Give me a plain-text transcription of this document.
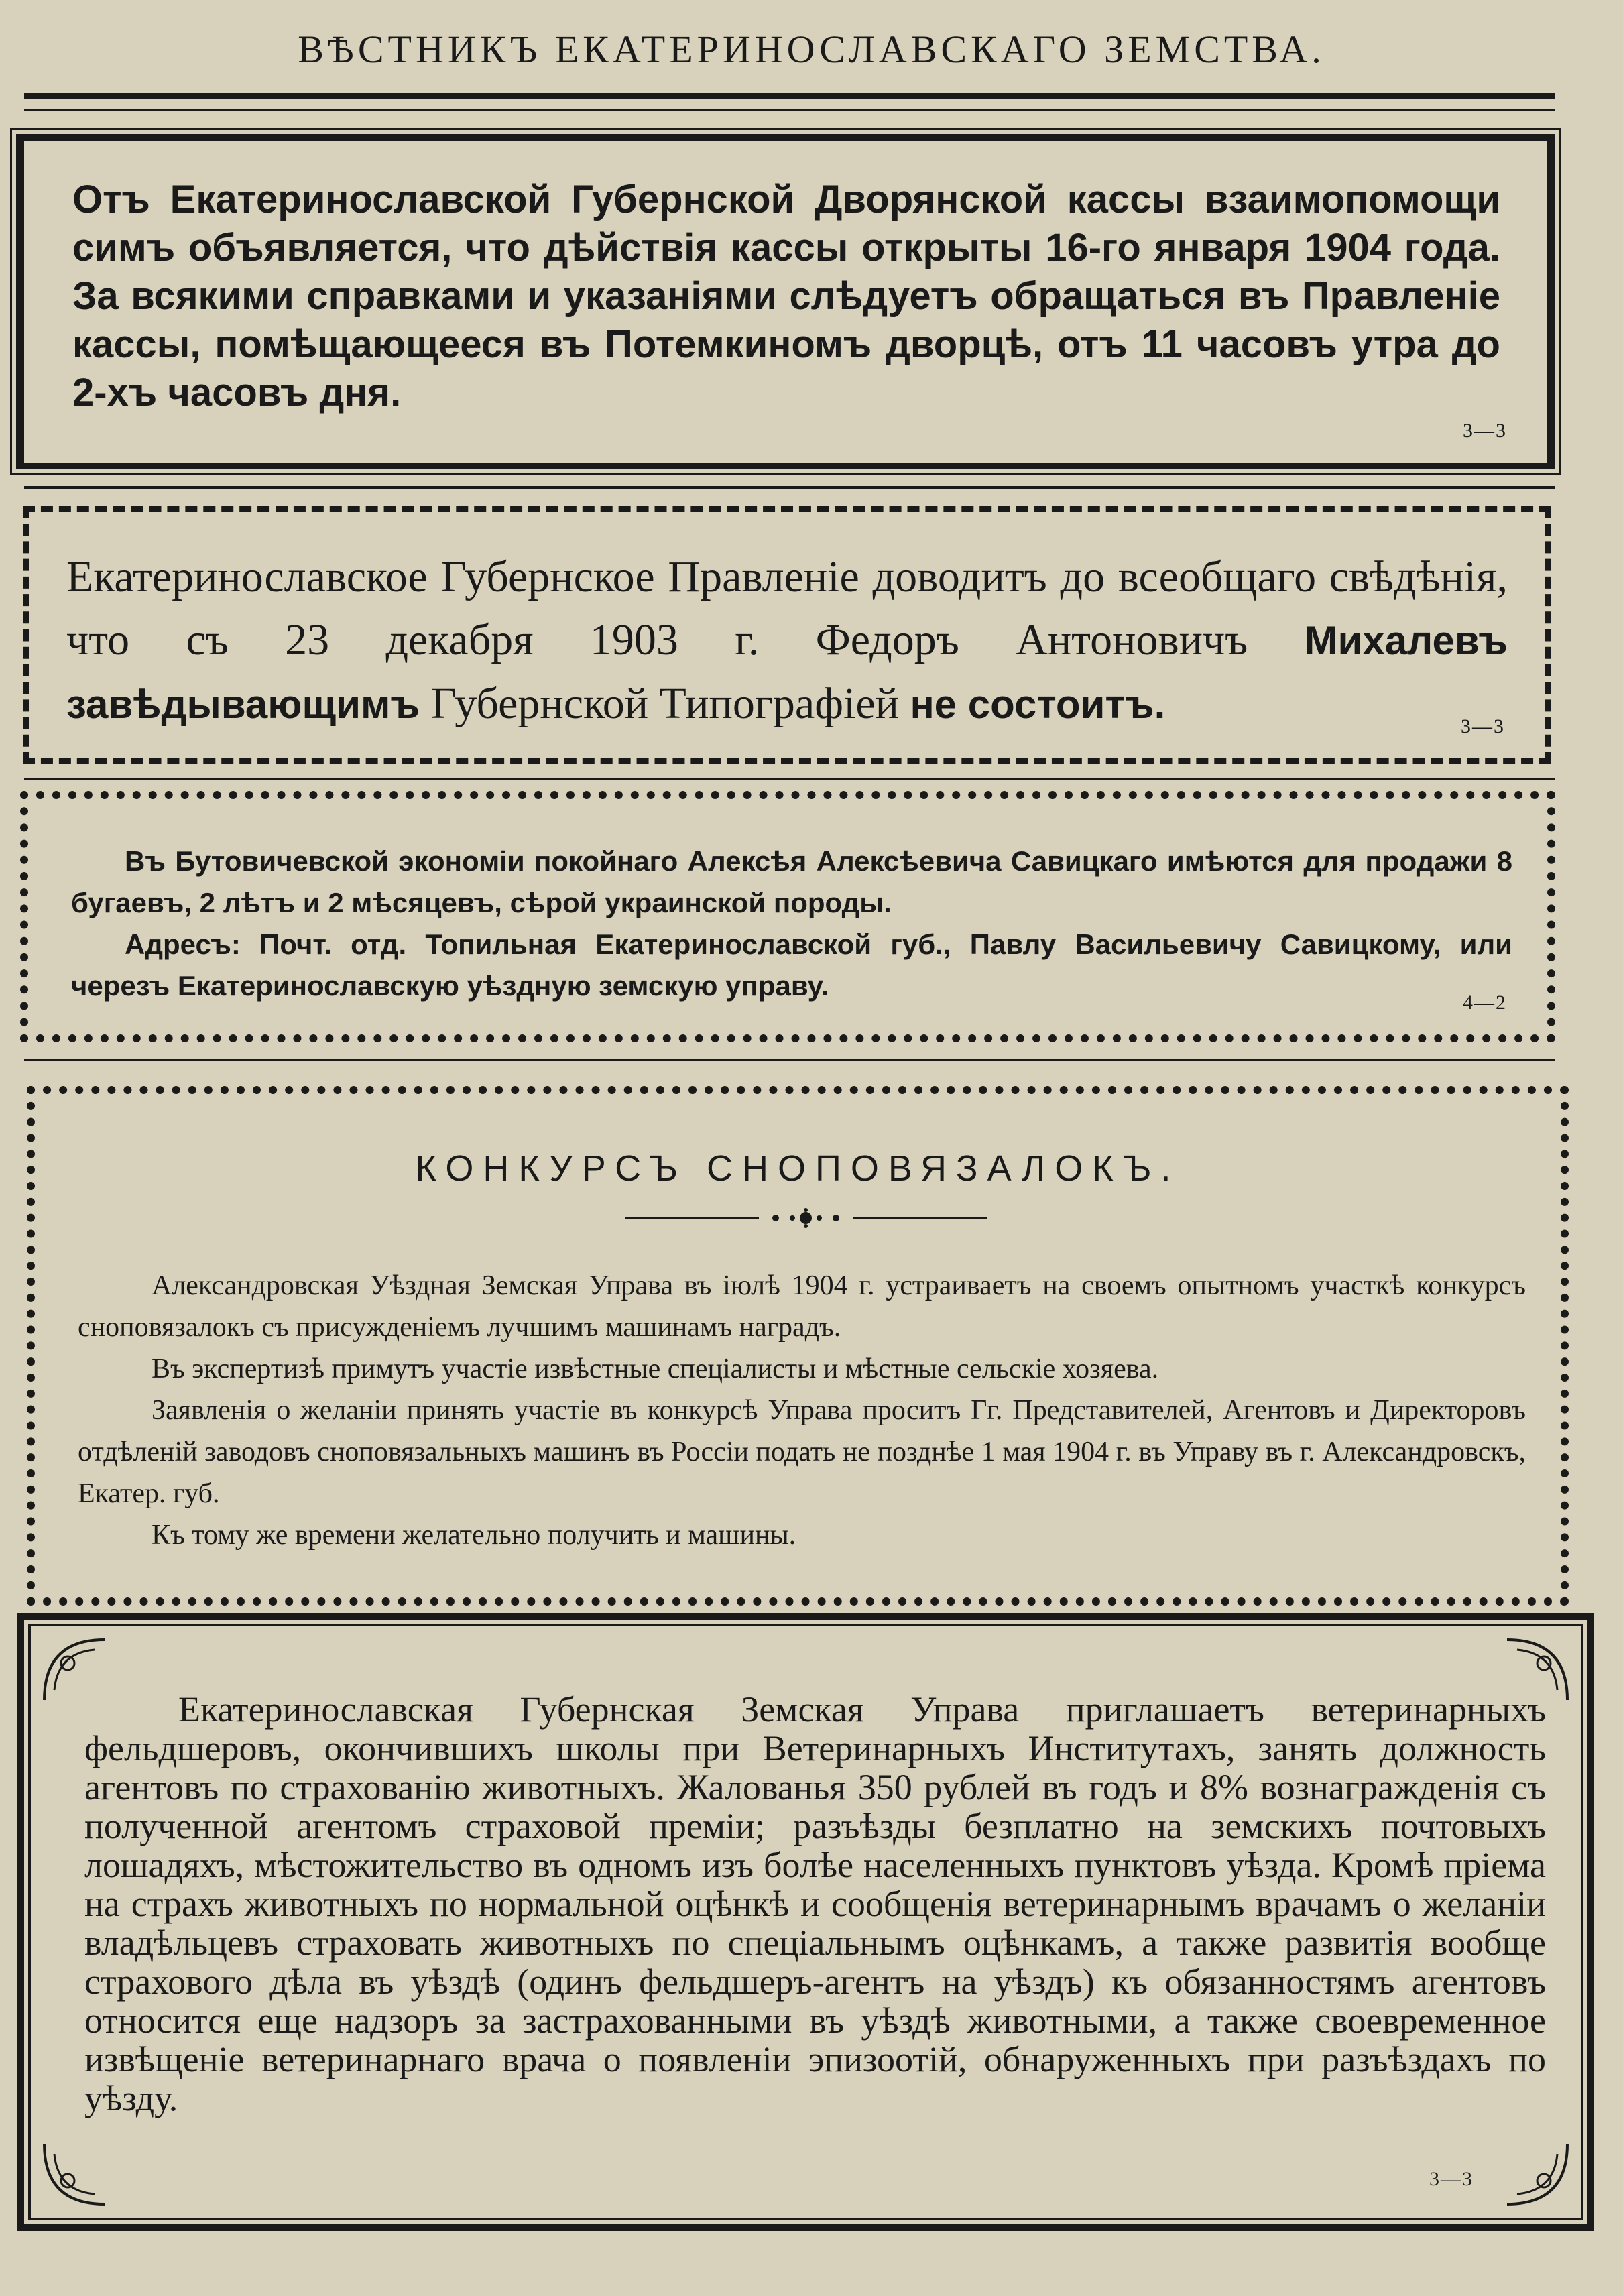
ВѢСТНИКЪ ЕКАТЕРИНОСЛАВСКАГО ЗЕМСТВА.
Отъ Екатеринославской Губернской Дворянской кассы взаимопомощи симъ объявляется, что дѣйствія кассы открыты 16-го января 1904 года. За всякими справками и указаніями слѣдуетъ обращаться въ Правленіе кассы, помѣщающееся въ Потемкиномъ дворцѣ, отъ 11 часовъ утра до 2-хъ часовъ дня.
3—3
Екатеринославское Губернское Правленіе доводитъ до всеобщаго свѣдѣнія, что съ 23 декабря 1903 г. Федоръ Антоновичъ Михалевъ завѣдывающимъ Губернской Типографіей не состоитъ.	3—3

Въ Бутовичевской экономіи покойнаго Алексѣя Алексѣевича Савицкаго имѣются для продажи 8 бугаевъ, 2 лѣтъ и 2 мѣсяцевъ, сѣрой украинской породы.

Адресъ: Почт. отд. Топильная Екатеринославской губ., Павлу Васильевичу Савицкому, или черезъ Екатеринославскую уѣздную земскую управу.

4—2
КОНКУРСЪ СНОПОВЯЗАЛОКЪ.

Александровская Уѣздная Земская Управа въ іюлѣ 1904 г. устраиваетъ на своемъ опытномъ участкѣ конкурсъ сноповязалокъ съ присужденіемъ лучшимъ машинамъ наградъ.

Въ экспертизѣ примутъ участіе извѣстные спеціалисты и мѣстные сельскіе хозяева.

Заявленія о желаніи принять участіе въ конкурсѣ Управа проситъ Гг. Представителей, Агентовъ и Директоровъ отдѣленій заводовъ сноповязальныхъ машинъ въ Россіи подать не позднѣе 1 мая 1904 г. въ Управу въ г. Александровскъ, Екатер. губ.

Къ тому же времени желательно получить и машины.

Екатеринославская Губернская Земская Управа приглашаетъ ветеринарныхъ фельдшеровъ, окончившихъ школы при Ветеринарныхъ Институтахъ, занять должность агентовъ по страхованію животныхъ. Жалованья 350 рублей въ годъ и 8% вознагражденія съ полученной агентомъ страховой преміи; разъѣзды безплатно на земскихъ почтовыхъ лошадяхъ, мѣстожительство въ одномъ изъ болѣе населенныхъ пунктовъ уѣзда. Кромѣ пріема на страхъ животныхъ по нормальной оцѣнкѣ и сообщенія ветеринарнымъ врачамъ о желаніи владѣльцевъ страховать животныхъ по спеціальнымъ оцѣнкамъ, а также развитія вообще страхового дѣла въ уѣздѣ (одинъ фельдшеръ-агентъ на уѣздъ) къ обязанностямъ агентовъ относится еще надзоръ за застрахованными въ уѣздѣ животными, а также своевременное извѣщеніе ветеринарнаго врача о появленіи эпизоотій, обнаруженныхъ при разъѣздахъ по уѣзду.
3—3
